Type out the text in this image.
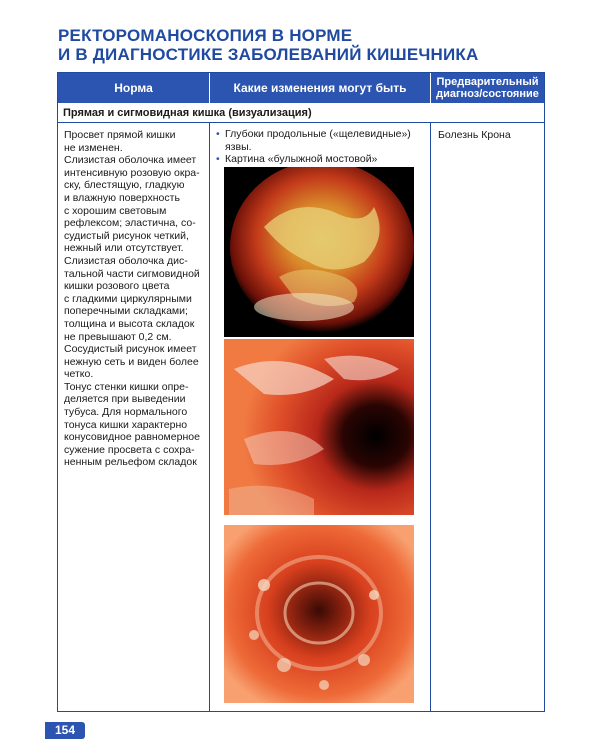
РЕКТОРОМАНОСКОПИЯ В НОРМЕ
И В ДИАГНОСТИКЕ ЗАБОЛЕВАНИЙ КИШЕЧНИКА
Норма	Какие изменения могут быть	Предварительный
диагноз/состояние
Прямая и сигмовидная кишка (визуализация)
Просвет прямой кишки
не изменен.
Слизистая оболочка имеет
интенсивную розовую окра-
ску, блестящую, гладкую
и влажную поверхность
с хорошим световым
рефлексом; эластична, со-
судистый рисунок четкий,
нежный или отсутствует.
Слизистая оболочка дис-
тальной части сигмовидной
кишки розового цвета
с гладкими циркулярными
поперечными складками;
толщина и высота складок
не превышают 0,2 см.
Сосудистый рисунок имеет
нежную сеть и виден более
четко.
Тонус стенки кишки опре-
деляется при выведении
тубуса. Для нормального
тонуса кишки характерно
конусовидное равномерное
сужение просвета с сохра-
ненным рельефом складок
• Глубоки продольные («щелевидные») язвы.
• Картина «булыжной мостовой»
Болезнь Крона
154
